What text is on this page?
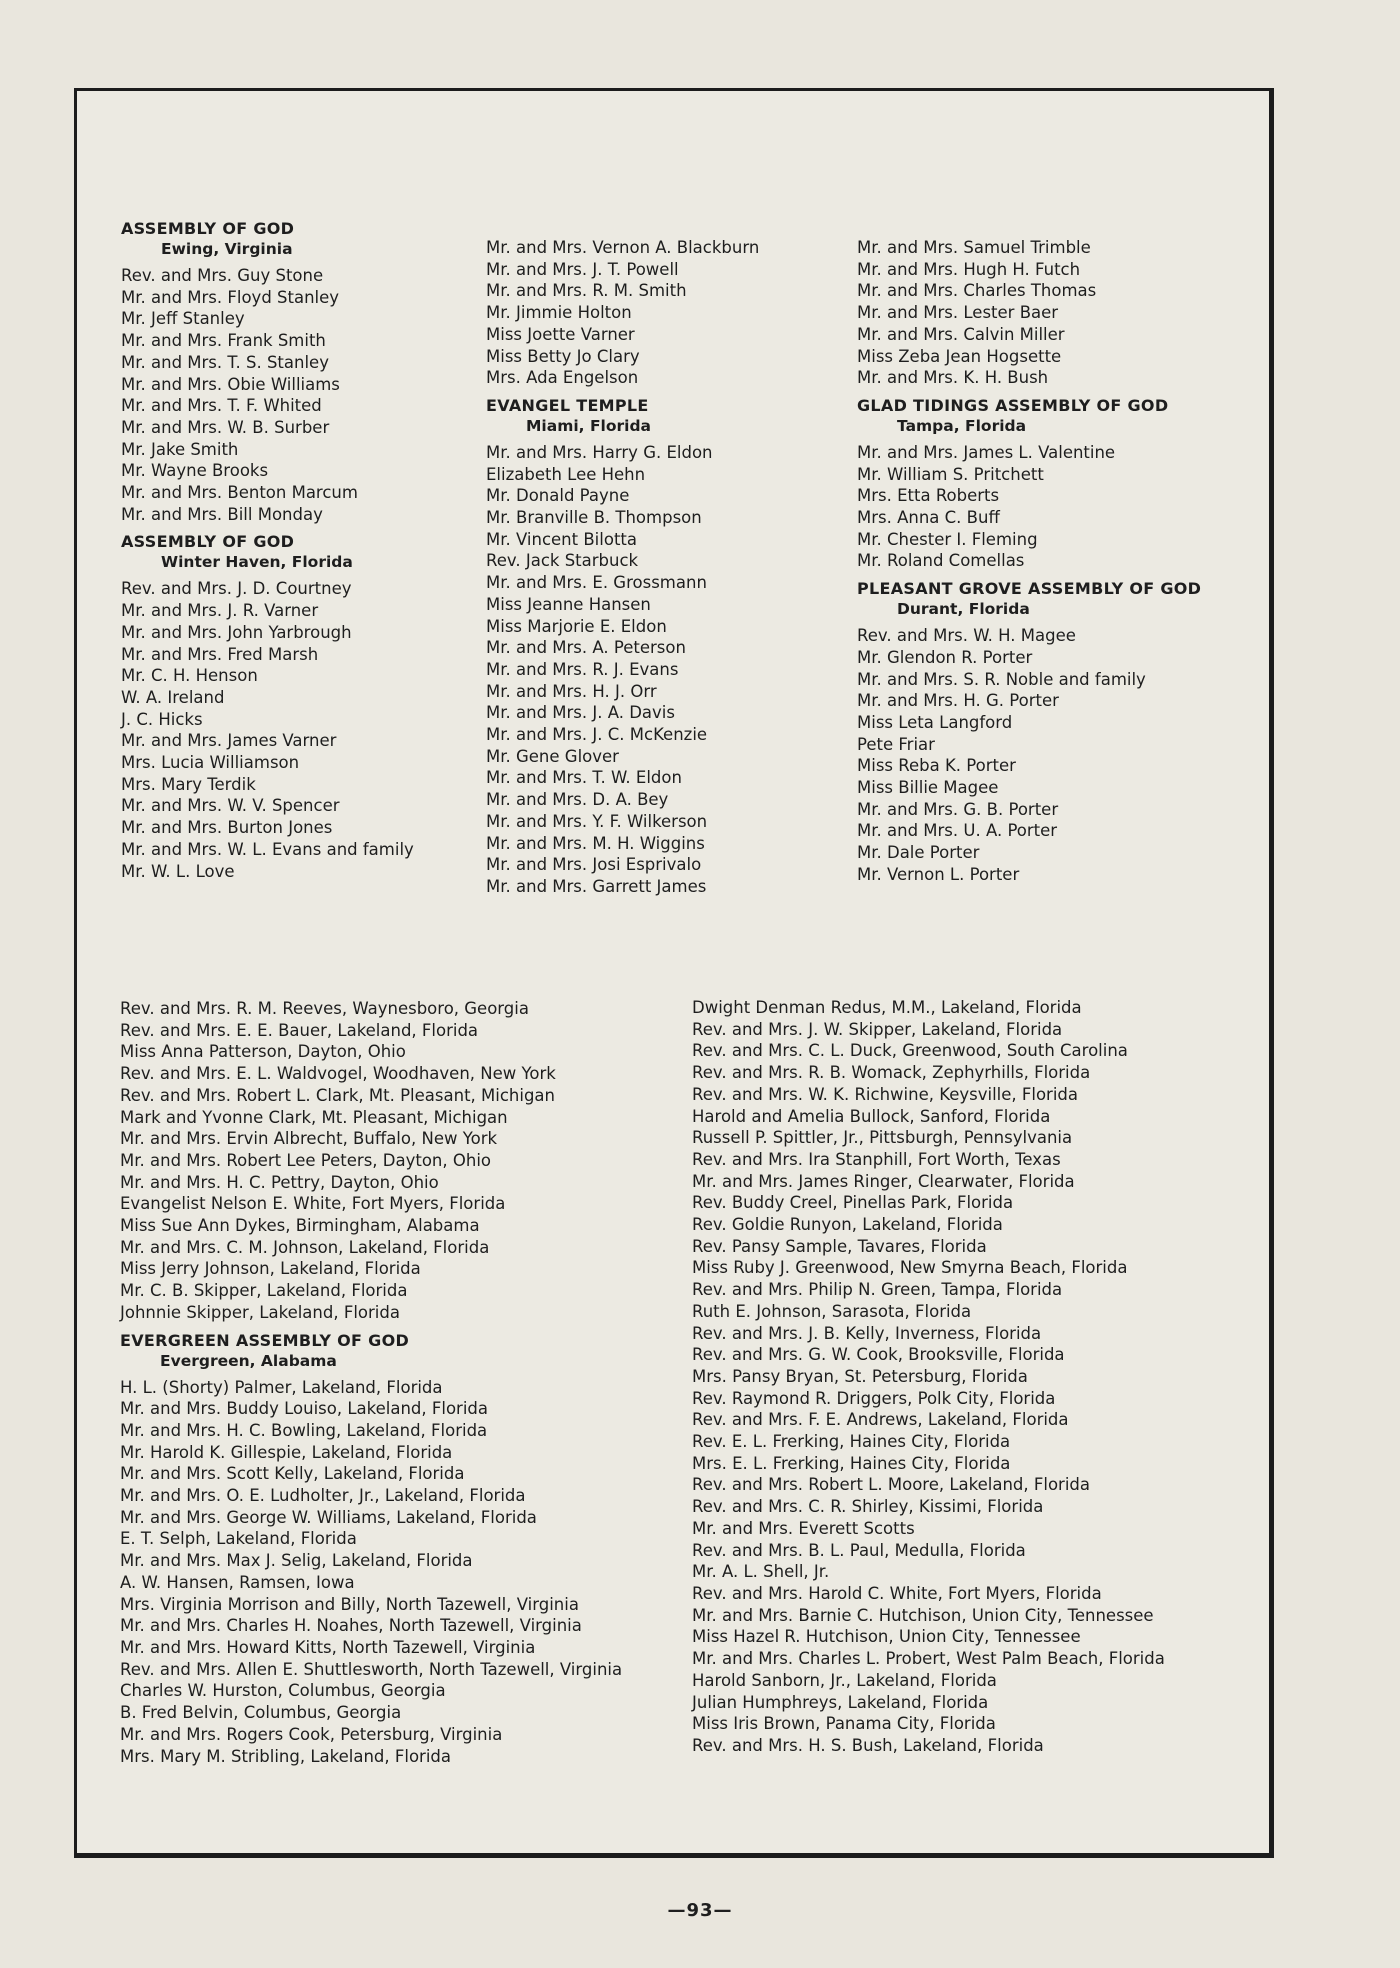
ASSEMBLY OF GOD
Ewing, Virginia
Rev. and Mrs. Guy Stone
Mr. and Mrs. Floyd Stanley
Mr. Jeff Stanley
Mr. and Mrs. Frank Smith
Mr. and Mrs. T. S. Stanley
Mr. and Mrs. Obie Williams
Mr. and Mrs. T. F. Whited
Mr. and Mrs. W. B. Surber
Mr. Jake Smith
Mr. Wayne Brooks
Mr. and Mrs. Benton Marcum
Mr. and Mrs. Bill Monday
ASSEMBLY OF GOD
Winter Haven, Florida
Rev. and Mrs. J. D. Courtney
Mr. and Mrs. J. R. Varner
Mr. and Mrs. John Yarbrough
Mr. and Mrs. Fred Marsh
Mr. C. H. Henson
W. A. Ireland
J. C. Hicks
Mr. and Mrs. James Varner
Mrs. Lucia Williamson
Mrs. Mary Terdik
Mr. and Mrs. W. V. Spencer
Mr. and Mrs. Burton Jones
Mr. and Mrs. W. L. Evans and family
Mr. W. L. Love
Mr. and Mrs. Vernon A. Blackburn
Mr. and Mrs. J. T. Powell
Mr. and Mrs. R. M. Smith
Mr. Jimmie Holton
Miss Joette Varner
Miss Betty Jo Clary
Mrs. Ada Engelson
EVANGEL TEMPLE
Miami, Florida
Mr. and Mrs. Harry G. Eldon
Elizabeth Lee Hehn
Mr. Donald Payne
Mr. Branville B. Thompson
Mr. Vincent Bilotta
Rev. Jack Starbuck
Mr. and Mrs. E. Grossmann
Miss Jeanne Hansen
Miss Marjorie E. Eldon
Mr. and Mrs. A. Peterson
Mr. and Mrs. R. J. Evans
Mr. and Mrs. H. J. Orr
Mr. and Mrs. J. A. Davis
Mr. and Mrs. J. C. McKenzie
Mr. Gene Glover
Mr. and Mrs. T. W. Eldon
Mr. and Mrs. D. A. Bey
Mr. and Mrs. Y. F. Wilkerson
Mr. and Mrs. M. H. Wiggins
Mr. and Mrs. Josi Esprivalo
Mr. and Mrs. Garrett James
Mr. and Mrs. Samuel Trimble
Mr. and Mrs. Hugh H. Futch
Mr. and Mrs. Charles Thomas
Mr. and Mrs. Lester Baer
Mr. and Mrs. Calvin Miller
Miss Zeba Jean Hogsette
Mr. and Mrs. K. H. Bush
GLAD TIDINGS ASSEMBLY OF GOD
Tampa, Florida
Mr. and Mrs. James L. Valentine
Mr. William S. Pritchett
Mrs. Etta Roberts
Mrs. Anna C. Buff
Mr. Chester I. Fleming
Mr. Roland Comellas
PLEASANT GROVE ASSEMBLY OF GOD
Durant, Florida
Rev. and Mrs. W. H. Magee
Mr. Glendon R. Porter
Mr. and Mrs. S. R. Noble and family
Mr. and Mrs. H. G. Porter
Miss Leta Langford
Pete Friar
Miss Reba K. Porter
Miss Billie Magee
Mr. and Mrs. G. B. Porter
Mr. and Mrs. U. A. Porter
Mr. Dale Porter
Mr. Vernon L. Porter
Rev. and Mrs. R. M. Reeves, Waynesboro, Georgia
Rev. and Mrs. E. E. Bauer, Lakeland, Florida
Miss Anna Patterson, Dayton, Ohio
Rev. and Mrs. E. L. Waldvogel, Woodhaven, New York
Rev. and Mrs. Robert L. Clark, Mt. Pleasant, Michigan
Mark and Yvonne Clark, Mt. Pleasant, Michigan
Mr. and Mrs. Ervin Albrecht, Buffalo, New York
Mr. and Mrs. Robert Lee Peters, Dayton, Ohio
Mr. and Mrs. H. C. Pettry, Dayton, Ohio
Evangelist Nelson E. White, Fort Myers, Florida
Miss Sue Ann Dykes, Birmingham, Alabama
Mr. and Mrs. C. M. Johnson, Lakeland, Florida
Miss Jerry Johnson, Lakeland, Florida
Mr. C. B. Skipper, Lakeland, Florida
Johnnie Skipper, Lakeland, Florida
EVERGREEN ASSEMBLY OF GOD
Evergreen, Alabama
H. L. (Shorty) Palmer, Lakeland, Florida
Mr. and Mrs. Buddy Louiso, Lakeland, Florida
Mr. and Mrs. H. C. Bowling, Lakeland, Florida
Mr. Harold K. Gillespie, Lakeland, Florida
Mr. and Mrs. Scott Kelly, Lakeland, Florida
Mr. and Mrs. O. E. Ludholter, Jr., Lakeland, Florida
Mr. and Mrs. George W. Williams, Lakeland, Florida
E. T. Selph, Lakeland, Florida
Mr. and Mrs. Max J. Selig, Lakeland, Florida
A. W. Hansen, Ramsen, Iowa
Mrs. Virginia Morrison and Billy, North Tazewell, Virginia
Mr. and Mrs. Charles H. Noahes, North Tazewell, Virginia
Mr. and Mrs. Howard Kitts, North Tazewell, Virginia
Rev. and Mrs. Allen E. Shuttlesworth, North Tazewell, Virginia
Charles W. Hurston, Columbus, Georgia
B. Fred Belvin, Columbus, Georgia
Mr. and Mrs. Rogers Cook, Petersburg, Virginia
Mrs. Mary M. Stribling, Lakeland, Florida
Dwight Denman Redus, M.M., Lakeland, Florida
Rev. and Mrs. J. W. Skipper, Lakeland, Florida
Rev. and Mrs. C. L. Duck, Greenwood, South Carolina
Rev. and Mrs. R. B. Womack, Zephyrhills, Florida
Rev. and Mrs. W. K. Richwine, Keysville, Florida
Harold and Amelia Bullock, Sanford, Florida
Russell P. Spittler, Jr., Pittsburgh, Pennsylvania
Rev. and Mrs. Ira Stanphill, Fort Worth, Texas
Mr. and Mrs. James Ringer, Clearwater, Florida
Rev. Buddy Creel, Pinellas Park, Florida
Rev. Goldie Runyon, Lakeland, Florida
Rev. Pansy Sample, Tavares, Florida
Miss Ruby J. Greenwood, New Smyrna Beach, Florida
Rev. and Mrs. Philip N. Green, Tampa, Florida
Ruth E. Johnson, Sarasota, Florida
Rev. and Mrs. J. B. Kelly, Inverness, Florida
Rev. and Mrs. G. W. Cook, Brooksville, Florida
Mrs. Pansy Bryan, St. Petersburg, Florida
Rev. Raymond R. Driggers, Polk City, Florida
Rev. and Mrs. F. E. Andrews, Lakeland, Florida
Rev. E. L. Frerking, Haines City, Florida
Mrs. E. L. Frerking, Haines City, Florida
Rev. and Mrs. Robert L. Moore, Lakeland, Florida
Rev. and Mrs. C. R. Shirley, Kissimi, Florida
Mr. and Mrs. Everett Scotts
Rev. and Mrs. B. L. Paul, Medulla, Florida
Mr. A. L. Shell, Jr.
Rev. and Mrs. Harold C. White, Fort Myers, Florida
Mr. and Mrs. Barnie C. Hutchison, Union City, Tennessee
Miss Hazel R. Hutchison, Union City, Tennessee
Mr. and Mrs. Charles L. Probert, West Palm Beach, Florida
Harold Sanborn, Jr., Lakeland, Florida
Julian Humphreys, Lakeland, Florida
Miss Iris Brown, Panama City, Florida
Rev. and Mrs. H. S. Bush, Lakeland, Florida
—93—
